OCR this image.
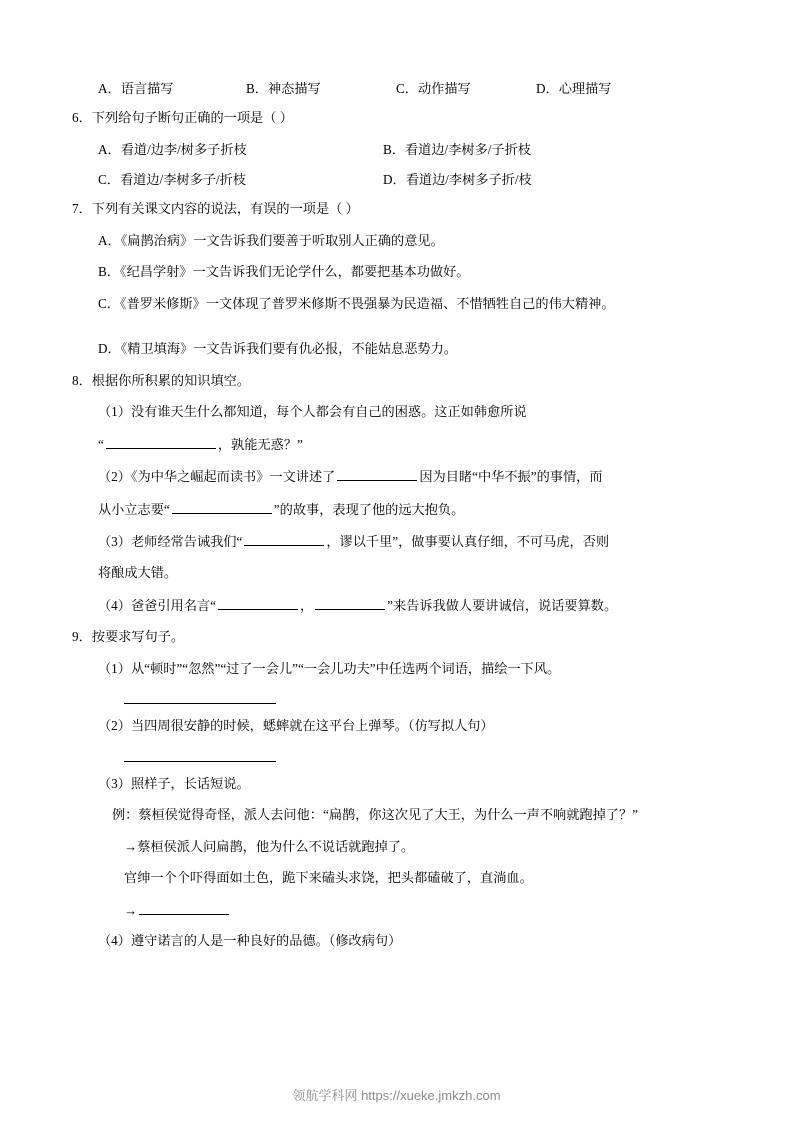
A．语言描写	B．神态描写	C．动作描写	D．心理描写
6．下列给句子断句正确的一项是（ ）
A．看道/边李/树多子折枝	B．看道边/李树多/子折枝
C．看道边/李树多子/折枝	D．看道边/李树多子折/枝
7．下列有关课文内容的说法，有误的一项是（ ）
A．《扁鹊治病》一文告诉我们要善于听取别人正确的意见。
B．《纪昌学射》一文告诉我们无论学什么，都要把基本功做好。
C．《普罗米修斯》一文体现了普罗米修斯不畏强暴为民造福、不惜牺牲自己的伟大精神。
D．《精卫填海》一文告诉我们要有仇必报，不能姑息恶势力。
8．根据你所积累的知识填空。
（1）没有谁天生什么都知道，每个人都会有自己的困惑。这正如韩愈所说
“	，孰能无惑？”
（2）《为中华之崛起而读书》一文讲述了	因为目睹“中华不振”的事情，而
从小立志要“	”的故事，表现了他的远大抱负。
（3）老师经常告诫我们“	，谬以千里”，做事要认真仔细，不可马虎，否则
将酿成大错。
（4）爸爸引用名言“	，	”来告诉我做人要讲诚信，说话要算数。
9．按要求写句子。
（1）从“顿时”“忽然”“过了一会儿”“一会儿功夫”中任选两个词语，描绘一下风。
（2）当四周很安静的时候，蟋蟀就在这平台上弹琴。（仿写拟人句）
（3）照样子，长话短说。
例：蔡桓侯觉得奇怪，派人去问他：“扁鹊，你这次见了大王，为什么一声不响就跑掉了？”
→蔡桓侯派人问扁鹊，他为什么不说话就跑掉了。
官绅一个个吓得面如土色，跪下来磕头求饶，把头都磕破了，直淌血。
→
（4）遵守诺言的人是一种良好的品德。（修改病句）
领航学科网 https://xueke.jmkzh.com
